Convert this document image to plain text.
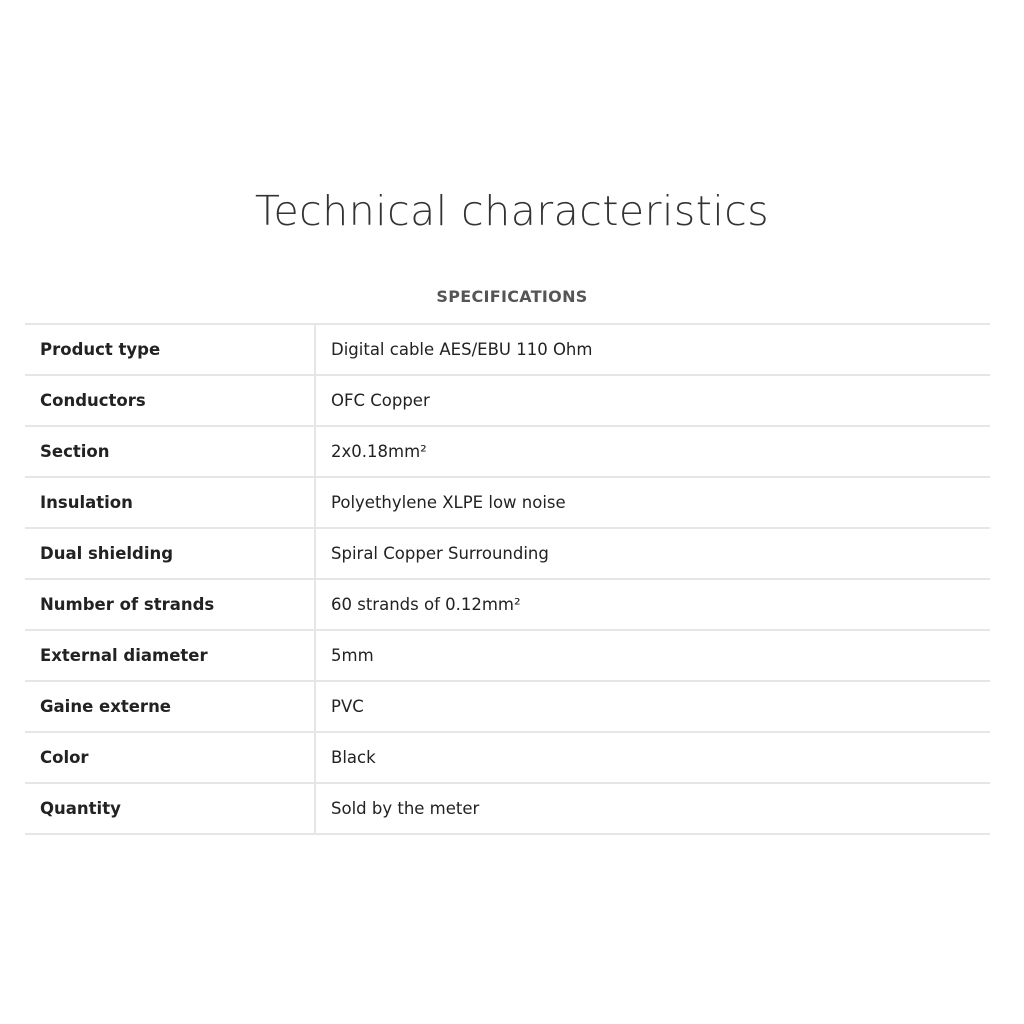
Technical characteristics
SPECIFICATIONS
Product type	Digital cable AES/EBU 110 Ohm
Conductors	OFC Copper
Section	2x0.18mm²
Insulation	Polyethylene XLPE low noise
Dual shielding	Spiral Copper Surrounding
Number of strands	60 strands of 0.12mm²
External diameter	5mm
Gaine externe	PVC
Color	Black
Quantity	Sold by the meter
